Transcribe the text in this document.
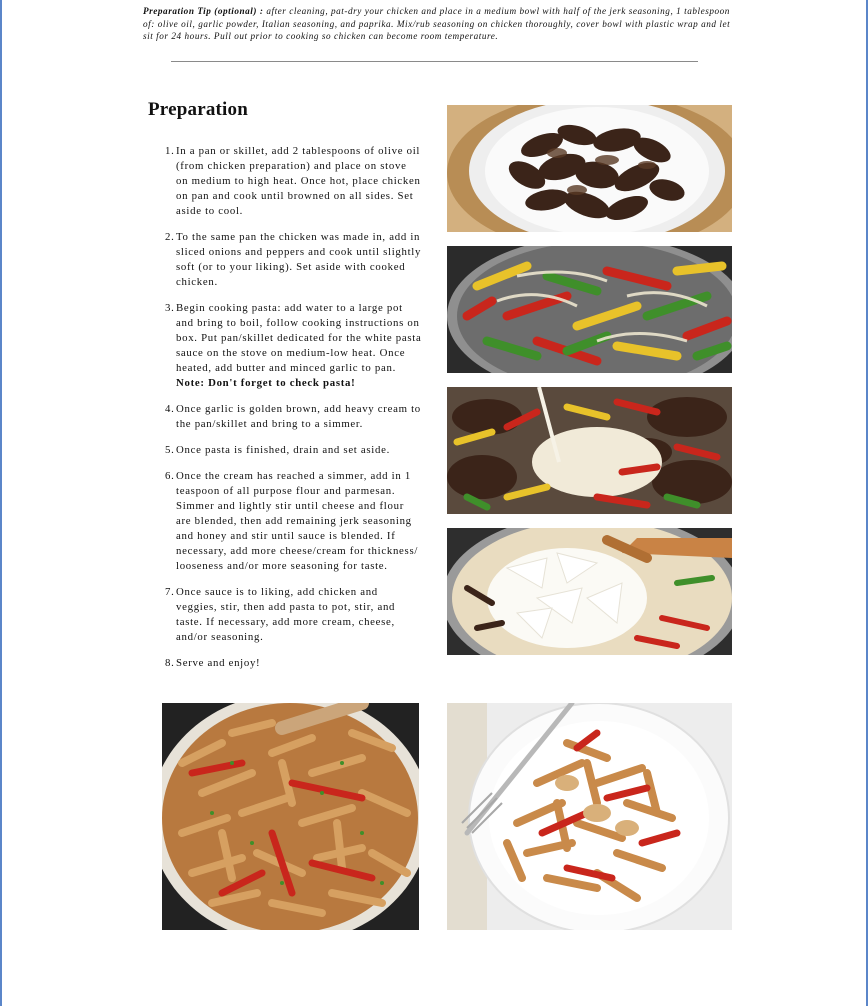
Preparation Tip (optional) : after cleaning, pat-dry your chicken and place in a medium bowl with half of the jerk seasoning, 1 tablespoon of: olive oil, garlic powder, Italian seasoning, and paprika. Mix/rub seasoning on chicken thoroughly, cover bowl with plastic wrap and let sit for 24 hours. Pull out prior to cooking so chicken can become room temperature.

Preparation
1. In a pan or skillet, add 2 tablespoons of olive oil (from chicken preparation) and place on stove on medium to high heat. Once hot, place chicken on pan and cook until browned on all sides. Set aside to cool.
2. To the same pan the chicken was made in, add in sliced onions and peppers and cook until slightly soft (or to your liking). Set aside with cooked chicken.
3. Begin cooking pasta: add water to a large pot and bring to boil, follow cooking instructions on box. Put pan/skillet dedicated for the white pasta sauce on the stove on medium-low heat. Once heated, add butter and minced garlic to pan.
Note: Don't forget to check pasta!
4. Once garlic is golden brown, add heavy cream to the pan/skillet and bring to a simmer.
5. Once pasta is finished, drain and set aside.
6. Once the cream has reached a simmer, add in 1 teaspoon of all purpose flour and parmesan. Simmer and lightly stir until cheese and flour are blended, then add remaining jerk seasoning and honey and stir until sauce is blended. If necessary, add more cheese/cream for thickness/ looseness and/or more seasoning for taste.
7. Once sauce is to liking, add chicken and veggies, stir, then add pasta to pot, stir, and taste. If necessary, add more cream, cheese, and/or seasoning.
8. Serve and enjoy!
